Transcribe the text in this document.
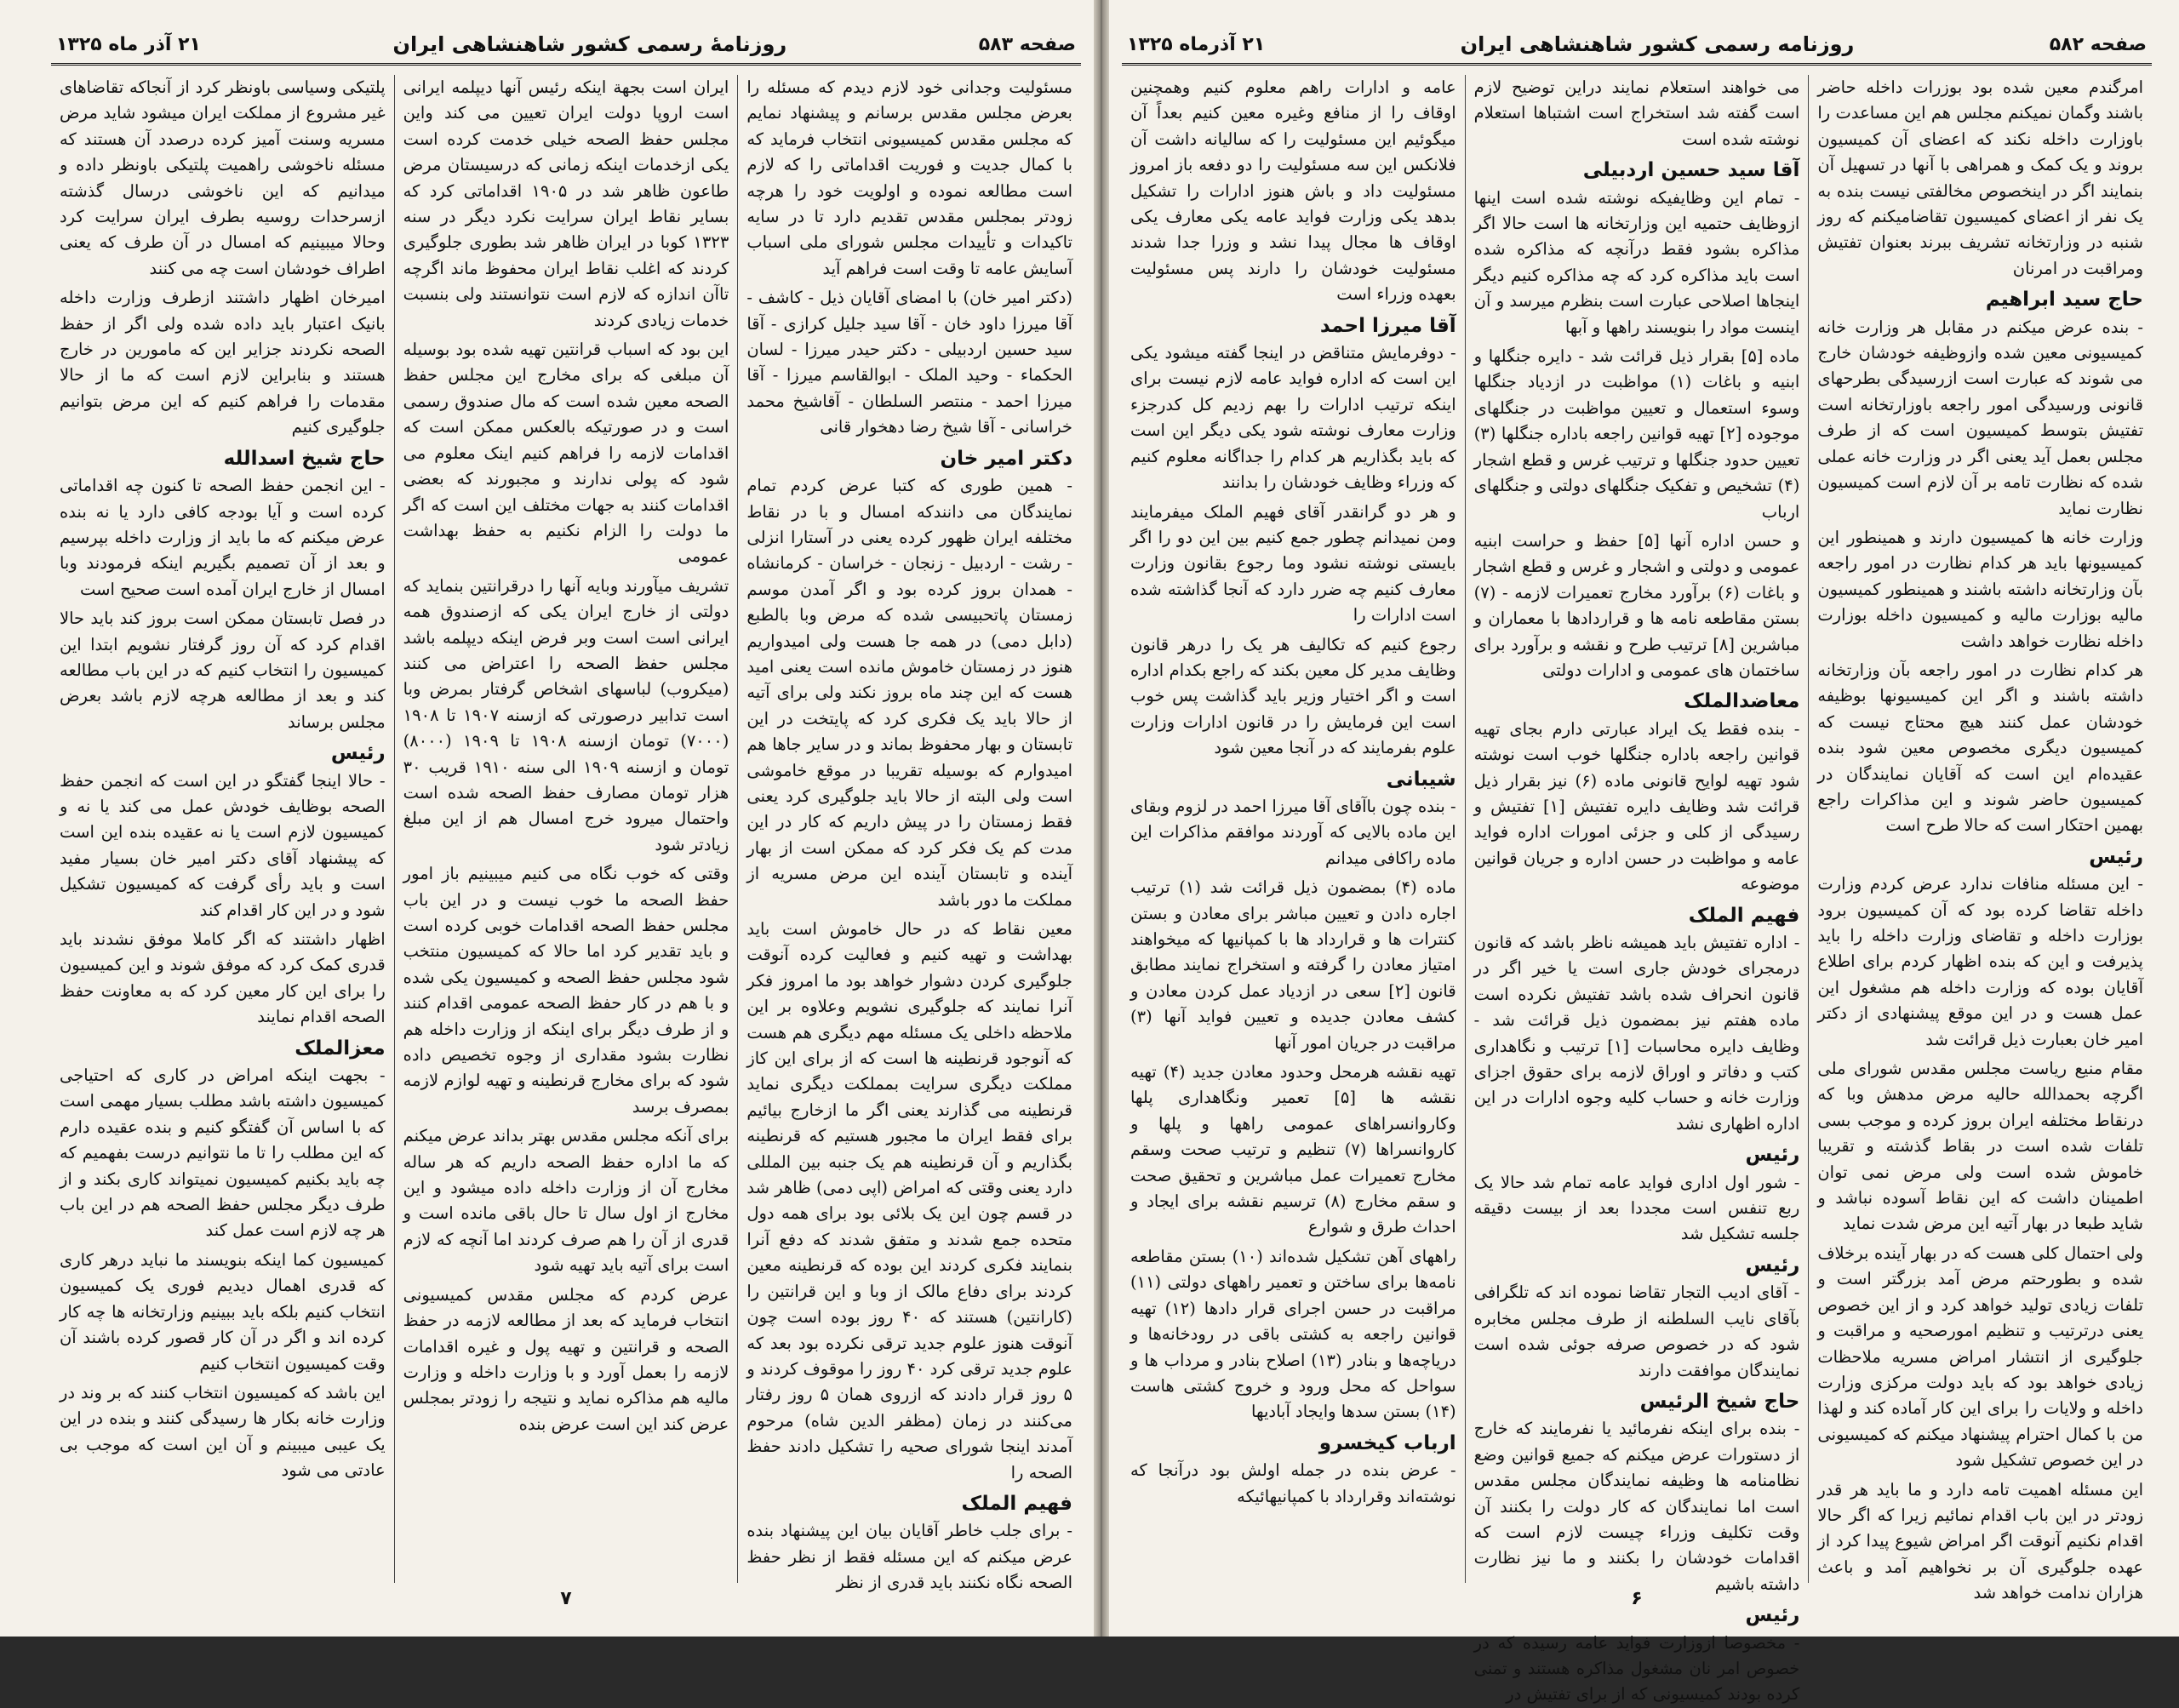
صفحه ۵۸۳
روزنامهٔ رسمی کشور شاهنشاهی ایران
۲۱ آذر ماه ۱۳۲۵

مسئولیت وجدانی خود لازم دیدم که مسئله را بعرض مجلس مقدس برسانم و پیشنهاد نمایم که مجلس مقدس کمیسیونی انتخاب فرماید که با کمال جدیت و فوریت اقداماتی را که لازم است مطالعه نموده و اولویت خود را هرچه زودتر بمجلس مقدس تقدیم دارد تا در سایه تاکیدات و تأییدات مجلس شورای ملی اسباب آسایش عامه تا وقت است فراهم آید

(دکتر امیر خان) با امضای آقایان ذیل - کاشف - آقا میرزا داود خان - آقا سید جلیل کرازی - آقا سید حسین اردبیلی - دکتر حیدر میرزا - لسان الحکماء - وحید الملک - ابوالقاسم میرزا - آقا میرزا احمد - منتصر السلطان - آقاشیخ محمد خراسانی - آقا شیخ رضا دهخوار قانی

دکتر امیر خان

- همین طوری که کتبا عرض کردم تمام نمایندگان می دانندکه امسال و با در نقاط مختلفه ایران ظهور کرده یعنی در آستارا انزلی - رشت - اردبیل - زنجان - خراسان - کرمانشاه - همدان بروز کرده بود و اگر آمدن موسم زمستان پاتحبیسی شده که مرض وبا بالطبع (دابل دمی) در همه جا هست ولی امیدواریم هنوز در زمستان خاموش مانده است یعنی امید هست که این چند ماه بروز نکند ولی برای آتیه از حالا باید یک فکری کرد که پایتخت در این تابستان و بهار محفوظ بماند و در سایر جاها هم امیدوارم که بوسیله تقریبا در موقع خاموشی است ولی البته از حالا باید جلوگیری کرد یعنی فقط زمستان را در پیش داریم که کار در این مدت کم یک فکر کرد که ممکن است از بهار آینده و تابستان آینده این مرض مسریه از مملکت ما دور باشد

معین نقاط که در حال خاموش است باید بهداشت و تهیه کنیم و فعالیت کرده آنوقت جلوگیری کردن دشوار خواهد بود ما امروز فکر آنرا نمایند که جلوگیری نشویم وعلاوه بر این ملاحظه داخلی یک مسئله مهم دیگری هم هست که آنوجود قرنطینه ها است که از برای این کاز مملکت دیگری سرایت بمملکت دیگری نماید قرنطینه می گذارند یعنی اگر ما ازخارج بیائیم برای فقط ایران ما مجبور هستیم که قرنطینه بگذاریم و آن قرنطینه هم یک جنبه بین المللی دارد یعنی وقتی که امراض (اپی دمی) ظاهر شد در قسم چون این یک بلائی بود برای همه دول متحده جمع شدند و متفق شدند که دفع آنرا بنمایند فکری کردند این بوده که قرنطینه معین کردند برای دفاع مالک از وبا و این قرانتین را (کارانتین) هستند که ۴۰ روز بوده است چون آنوقت هنوز علوم جدید ترقی نکرده بود بعد که علوم جدید ترقی کرد ۴۰ روز را موقوف کردند و ۵ روز قرار دادند که ازروی همان ۵ روز رفتار می‌کنند در زمان (مظفر الدین شاه) مرحوم آمدند اینجا شورای صحیه را تشکیل دادند حفظ الصحه را

فهیم الملک

- برای جلب خاطر آقایان بیان این پیشنهاد بنده عرض میکنم که این مسئله فقط از نظر حفظ الصحه نگاه نکنند باید قدری از نظر

ایران است بجهة اینکه رئیس آنها دیپلمه ایرانی است اروپا دولت ایران تعیین می کند واین مجلس حفظ الصحه خیلی خدمت کرده است یکی ازخدمات اینکه زمانی که درسیستان مرض طاعون ظاهر شد در ۱۹۰۵ اقداماتی کرد که بسایر نقاط ایران سرایت نکرد دیگر در سنه ۱۳۲۳ کوبا در ایران ظاهر شد بطوری جلوگیری کردند که اغلب نقاط ایران محفوظ ماند اگرچه تاآن اندازه که لازم است نتوانستند ولی بنسبت خدمات زیادی کردند

این بود که اسباب قرانتین تهیه شده بود بوسیله آن مبلغی که برای مخارج این مجلس حفظ الصحه معین شده است که مال صندوق رسمی است و در صورتیکه بالعکس ممکن است که اقدامات لازمه را فراهم کنیم اینک معلوم می شود که پولی ندارند و مجبورند که بعضی اقدامات کنند به جهات مختلف این است که اگر ما دولت را الزام نکنیم به حفظ بهداشت عمومی

تشریف میآورند وبایه آنها را درقرانتین بنماید که دولتی از خارج ایران یکی که ازصندوق همه ایرانی است است وبر فرض اینکه دیپلمه باشد مجلس حفظ الصحه را اعتراض می کنند (میکروب) لباسهای اشخاص گرفتار بمرض وبا است تدابیر درصورتی که ازسنه ۱۹۰۷ تا ۱۹۰۸ (۷۰۰۰) تومان ازسنه ۱۹۰۸ تا ۱۹۰۹ (۸۰۰۰) تومان و ازسنه ۱۹۰۹ الی سنه ۱۹۱۰ قریب ۳۰ هزار تومان مصارف حفظ الصحه شده است واحتمال میرود خرج امسال هم از این مبلغ زیادتر شود

وقتی که خوب نگاه می کنیم میبینیم باز امور حفظ الصحه ما خوب نیست و در این باب مجلس حفظ الصحه اقدامات خوبی کرده است و باید تقدیر کرد اما حالا که کمیسیون منتخب شود مجلس حفظ الصحه و کمیسیون یکی شده و با هم در کار حفظ الصحه عمومی اقدام کنند و از طرف دیگر برای اینکه از وزارت داخله هم نظارت بشود مقداری از وجوه تخصیص داده شود که برای مخارج قرنطینه و تهیه لوازم لازمه بمصرف برسد

برای آنکه مجلس مقدس بهتر بداند عرض میکنم که ما اداره حفظ الصحه داریم که هر ساله مخارج آن از وزارت داخله داده میشود و این مخارج از اول سال تا حال باقی مانده است و قدری از آن را هم صرف کردند اما آنچه که لازم است برای آتیه باید تهیه شود

عرض کردم که مجلس مقدس کمیسیونی انتخاب فرماید که بعد از مطالعه لازمه در حفظ الصحه و قرانتین و تهیه پول و غیره اقدامات لازمه را بعمل آورد و با وزارت داخله و وزارت مالیه هم مذاکره نماید و نتیجه را زودتر بمجلس عرض کند این است عرض بنده

پلتیکی وسیاسی باونظر کرد از آنجاکه تقاضاهای غیر مشروع از مملکت ایران میشود شاید مرض مسریه وسنت آمیز کرده درصدد آن هستند که مسئله ناخوشی راهمیت پلتیکی باونظر داده و میدانیم که این ناخوشی درسال گذشته ازسرحدات روسیه بطرف ایران سرایت کرد وحالا میبینیم که امسال در آن طرف که یعنی اطراف خودشان است چه می کنند

امیرخان اظهار داشتند ازطرف وزارت داخله بانیک اعتبار باید داده شده ولی اگر از حفظ الصحه نکردند جزایر این که مامورین در خارج هستند و بنابراین لازم است که ما از حالا مقدمات را فراهم کنیم که این مرض بتوانیم جلوگیری کنیم

حاج شیخ اسدالله

- این انجمن حفظ الصحه تا کنون چه اقداماتی کرده است و آیا بودجه کافی دارد یا نه بنده عرض میکنم که ما باید از وزارت داخله بپرسیم و بعد از آن تصمیم بگیریم اینکه فرمودند وبا امسال از خارج ایران آمده است صحیح است

در فصل تابستان ممکن است بروز کند باید حالا اقدام کرد که آن روز گرفتار نشویم ابتدا این کمیسیون را انتخاب کنیم که در این باب مطالعه کند و بعد از مطالعه هرچه لازم باشد بعرض مجلس برساند

رئیس

- حالا اینجا گفتگو در این است که انجمن حفظ الصحه بوظایف خودش عمل می کند یا نه و کمیسیون لازم است یا نه عقیده بنده این است که پیشنهاد آقای دکتر امیر خان بسیار مفید است و باید رأی گرفت که کمیسیون تشکیل شود و در این کار اقدام کند

اظهار داشتند که اگر کاملا موفق نشدند باید قدری کمک کرد که موفق شوند و این کمیسیون را برای این کار معین کرد که به معاونت حفظ الصحه اقدام نمایند

معزالملک

- بجهت اینکه امراض در کاری که احتیاجی کمیسیون داشته باشد مطلب بسیار مهمی است که با اساس آن گفتگو کنیم و بنده عقیده دارم که این مطلب را تا ما نتوانیم درست بفهمیم که چه باید بکنیم کمیسیون نمیتواند کاری بکند و از طرف دیگر مجلس حفظ الصحه هم در این باب هر چه لازم است عمل کند

کمیسیون کما اینکه بنویسند ما نباید درهر کاری که قدری اهمال دیدیم فوری یک کمیسیون انتخاب کنیم بلکه باید ببینیم وزارتخانه ها چه کار کرده اند و اگر در آن کار قصور کرده باشند آن وقت کمیسیون انتخاب کنیم

این باشد که کمیسیون انتخاب کنند که بر وند در وزارت خانه بکار ها رسیدگی کنند و بنده در این یک عیبی میبینم و آن این است که موجب بی عادتی می شود

۷
صفحه ۵۸۲
روزنامه رسمی کشور شاهنشاهی ایران
۲۱ آذرماه ۱۳۲۵

امرگندم معین شده بود بوزرات داخله حاضر باشند وگمان نمیکنم مجلس هم این مساعدت را باوزارت داخله نکند که اعضای آن کمیسیون بروند و یک کمک و همراهی با آنها در تسهیل آن بنمایند اگر در اینخصوص مخالفتی نیست بنده به یک نفر از اعضای کمیسیون تقاضامیکنم که روز شنبه در وزارتخانه تشریف ببرند بعنوان تفتیش ومراقبت در امرنان

حاج سید ابراهیم

- بنده عرض میکنم در مقابل هر وزارت خانه کمیسیونی معین شده وازوظیفه خودشان خارج می شوند که عبارت است ازرسیدگی بطرحهای قانونی ورسیدگی امور راجعه باوزارتخانه است تفتیش بتوسط کمیسیون است که از طرف مجلس بعمل آید یعنی اگر در وزارت خانه عملی شده که نظارت تامه بر آن لازم است کمیسیون نظارت نماید

وزارت خانه ها کمیسیون دارند و همینطور این کمیسیونها باید هر کدام نظارت در امور راجعه بآن وزارتخانه داشته باشند و همینطور کمیسیون مالیه بوزارت مالیه و کمیسیون داخله بوزارت داخله نظارت خواهد داشت

هر کدام نظارت در امور راجعه بآن وزارتخانه داشته باشند و اگر این کمیسیونها بوظیفه خودشان عمل کنند هیچ محتاج نیست که کمیسیون دیگری مخصوص معین شود بنده عقیده‌ام این است که آقایان نمایندگان در کمیسیون حاضر شوند و این مذاکرات راجع بهمین احتکار است که حالا طرح است

رئیس

- این مسئله منافات ندارد عرض کردم وزارت داخله تقاضا کرده بود که آن کمیسیون برود بوزارت داخله و تقاضای وزارت داخله را باید پذیرفت و این که بنده اظهار کردم برای اطلاع آقایان بوده که وزارت داخله هم مشغول این عمل هست و در این موقع پیشنهادی از دکتر امیر خان بعبارت ذیل قرائت شد

مقام منیع ریاست مجلس مقدس شورای ملی اگرچه بحمدالله حالیه مرض مدهش وبا که درنقاط مختلفه ایران بروز کرده و موجب بسی تلفات شده است در بقاط گذشته و تقریبا خاموش شده است ولی مرض نمی توان اطمینان داشت که این نقاط آسوده نباشد و شاید طبعا در بهار آتیه این مرض شدت نماید

ولی احتمال کلی هست که در بهار آینده برخلاف شده و بطورحتم مرض آمد بزرگتر است و تلفات زیادی تولید خواهد کرد و از این خصوص یعنی درترتیب و تنظیم امورصحیه و مراقبت و جلوگیری از انتشار امراض مسریه ملاحظات زیادی خواهد بود که باید دولت مرکزی وزارت داخله و ولایات را برای این کار آماده کند و لهذا من با کمال احترام پیشنهاد میکنم که کمیسیونی در این خصوص تشکیل شود

این مسئله اهمیت تامه دارد و ما باید هر قدر زودتر در این باب اقدام نمائیم زیرا که اگر حالا اقدام نکنیم آنوقت اگر امراض شیوع پیدا کرد از عهده جلوگیری آن بر نخواهیم آمد و باعث هزاران ندامت خواهد شد

می خواهند استعلام نمایند دراین توضیح لازم است گفته شد استخراج است اشتباها استعلام نوشته شده است

آقا سید حسین اردبیلی

- تمام این وظایفیکه نوشته شده است اینها ازوظایف حتمیه این وزارتخانه ها است حالا اگر مذاکره بشود فقط درآنچه که مذاکره شده است باید مذاکره کرد که چه مذاکره کنیم دیگر اینجاها اصلاحی عبارت است بنظرم میرسد و آن اینست مواد را بنویسند راهها و آبها

ماده [۵] بقرار ذیل قرائت شد - دایره جنگلها و ابنیه و باغات (۱) مواظبت در ازدیاد جنگلها وسوء استعمال و تعیین مواظبت در جنگلهای موجوده [۲] تهیه قوانین راجعه باداره جنگلها (۳) تعیین حدود جنگلها و ترتیب غرس و قطع اشجار (۴) تشخیص و تفکیک جنگلهای دولتی و جنگلهای ارباب

و حسن اداره آنها [۵] حفظ و حراست ابنیه عمومی و دولتی و اشجار و غرس و قطع اشجار و باغات (۶) برآورد مخارج تعمیرات لازمه - (۷) بستن مقاطعه نامه ها و قراردادها با معماران و مباشرین [۸] ترتیب طرح و نقشه و برآورد برای ساختمان های عمومی و ادارات دولتی

معاضدالملک

- بنده فقط یک ایراد عبارتی دارم بجای تهیه قوانین راجعه باداره جنگلها خوب است نوشته شود تهیه لوایح قانونی ماده (۶) نیز بقرار ذیل قرائت شد وظایف دایره تفتیش [۱] تفتیش و رسیدگی از کلی و جزئی امورات اداره فواید عامه و مواظبت در حسن اداره و جریان قوانین موضوعه

فهیم الملک

- اداره تفتیش باید همیشه ناظر باشد که قانون درمجرای خودش جاری است یا خیر اگر در قانون انحراف شده باشد تفتیش نکرده است ماده هفتم نیز بمضمون ذیل قرائت شد - وظایف دایره محاسبات [۱] ترتیب و نگاهداری کتب و دفاتر و اوراق لازمه برای حقوق اجزای وزارت خانه و حساب کلیه وجوه ادارات در این اداره اظهاری نشد

رئیس

- شور اول اداری فواید عامه تمام شد حالا یک ربع تنفس است مجددا بعد از بیست دقیقه جلسه تشکیل شد

رئیس

- آقای ادیب التجار تقاضا نموده اند که تلگرافی بآقای نایب السلطنه از طرف مجلس مخابره شود که در خصوص صرفه جوئی شده است نمایندگان موافقت دارند

حاج شیخ الرئیس

- بنده برای اینکه نفرمائید یا نفرمایند که خارج از دستورات عرض میکنم که جمیع قوانین وضع نظامنامه ها وظیفه نمایندگان مجلس مقدس است اما نمایندگان که کار دولت را بکنند آن وقت تکلیف وزراء چیست لازم است که اقدامات خودشان را بکنند و ما نیز نظارت داشته باشیم

رئیس

- مخصوصا ازوزارت فواید عامه رسیده که در خصوص امر نان مشغول مذاکره هستند و تمنی کرده بودند کمیسیونی که از برای تفتیش در

عامه و ادارات راهم معلوم کنیم وهمچنین اوقاف را از منافع وغیره معین کنیم بعداً آن میگوئیم این مسئولیت را که سالیانه داشت آن فلانکس این سه مسئولیت را دو دفعه باز امروز مسئولیت داد و باش هنوز ادارات را تشکیل بدهد یکی وزارت فواید عامه یکی معارف یکی اوقاف ها مجال پیدا نشد و وزرا جدا شدند مسئولیت خودشان را دارند پس مسئولیت بعهده وزراء است

آقا میرزا احمد

- دوفرمایش متناقض در اینجا گفته میشود یکی این است که اداره فواید عامه لازم نیست برای اینکه ترتیب ادارات را بهم زدیم کل کدرجزء وزارت معارف نوشته شود یکی دیگر این است که باید بگذاریم هر کدام را جداگانه معلوم کنیم که وزراء وظایف خودشان را بدانند

و هر دو گرانقدر آقای فهیم الملک میفرمایند ومن نمیدانم چطور جمع کنیم بین این دو را اگر بایستی نوشته نشود وما رجوع بقانون وزارت معارف کنیم چه ضرر دارد که آنجا گذاشته شده است ادارات را

رجوع کنیم که تکالیف هر یک را درهر قانون وظایف مدیر کل معین بکند که راجع بکدام اداره است و اگر اختیار وزیر باید گذاشت پس خوب است این فرمایش را در قانون ادارات وزارت علوم بفرمایند که در آنجا معین شود

شیبانی

- بنده چون باآقای آقا میرزا احمد در لزوم وبقای این ماده بالایی که آوردند موافقم مذاکرات این ماده راکافی میدانم

ماده (۴) بمضمون ذیل قرائت شد (۱) ترتیب اجاره دادن و تعیین مباشر برای معادن و بستن کنترات ها و قرارداد ها با کمپانیها که میخواهند امتیاز معادن را گرفته و استخراج نمایند مطابق قانون [۲] سعی در ازدیاد عمل کردن معادن و کشف معادن جدیده و تعیین فواید آنها (۳) مراقبت در جریان امور آنها

تهیه نقشه هرمحل وحدود معادن جدید (۴) تهیه نقشه ها [۵] تعمیر ونگاهداری پلها وکاروانسراهای عمومی راهها و پلها و کاروانسراها (۷) تنظیم و ترتیب صحت وسقم مخارج تعمیرات عمل مباشرین و تحقیق صحت و سقم مخارج (۸) ترسیم نقشه برای ایجاد و احداث طرق و شوارع

راههای آهن تشکیل شده‌اند (۱۰) بستن مقاطعه نامه‌ها برای ساختن و تعمیر راههای دولتی (۱۱) مراقبت در حسن اجرای قرار دادها (۱۲) تهیه قوانین راجعه به کشتی باقی در رودخانه‌ها و دریاچه‌ها و بنادر (۱۳) اصلاح بنادر و مرداب ها و سواحل که محل ورود و خروج کشتی هاست (۱۴) بستن سدها وایجاد آبادیها

ارباب کیخسرو

- عرض بنده در جمله اولش بود درآنجا که نوشته‌اند وقرارداد با کمپانیهائیکه

۶
